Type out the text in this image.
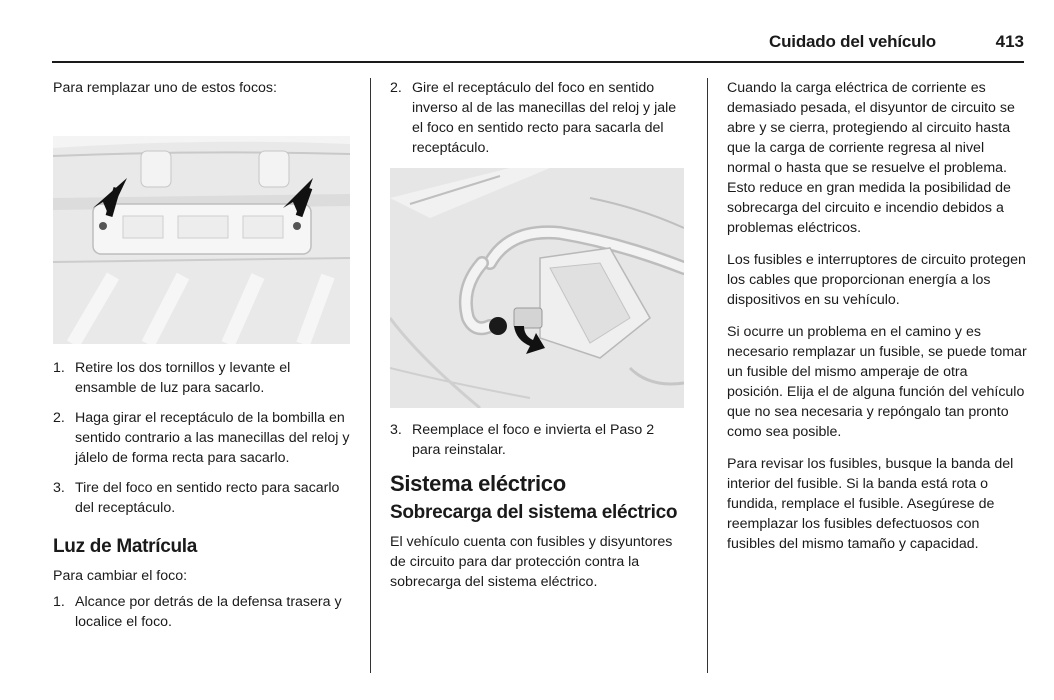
Cuidado del vehículo	413

Para remplazar uno de estos focos:

1. Retire los dos tornillos y levante el ensamble de luz para sacarlo.
2. Haga girar el receptáculo de la bombilla en sentido contrario a las manecillas del reloj y jálelo de forma recta para sacarlo.
3. Tire del foco en sentido recto para sacarlo del receptáculo.
Luz de Matrícula

Para cambiar el foco:

1. Alcance por detrás de la defensa trasera y localice el foco.
2. Gire el receptáculo del foco en sentido inverso al de las manecillas del reloj y jale el foco en sentido recto para sacarla del receptáculo.
3. Reemplace el foco e invierta el Paso 2 para reinstalar.
Sistema eléctrico
Sobrecarga del sistema eléctrico

El vehículo cuenta con fusibles y disyuntores de circuito para dar protección contra la sobrecarga del sistema eléctrico.

Cuando la carga eléctrica de corriente es demasiado pesada, el disyuntor de circuito se abre y se cierra, protegiendo al circuito hasta que la carga de corriente regresa al nivel normal o hasta que se resuelve el problema. Esto reduce en gran medida la posibilidad de sobrecarga del circuito e incendio debidos a problemas eléctricos.

Los fusibles e interruptores de circuito protegen los cables que proporcionan energía a los dispositivos en su vehículo.

Si ocurre un problema en el camino y es necesario remplazar un fusible, se puede tomar un fusible del mismo amperaje de otra posición. Elija el de alguna función del vehículo que no sea necesaria y repóngalo tan pronto como sea posible.

Para revisar los fusibles, busque la banda del interior del fusible. Si la banda está rota o fundida, remplace el fusible. Asegúrese de reemplazar los fusibles defectuosos con fusibles del mismo tamaño y capacidad.
